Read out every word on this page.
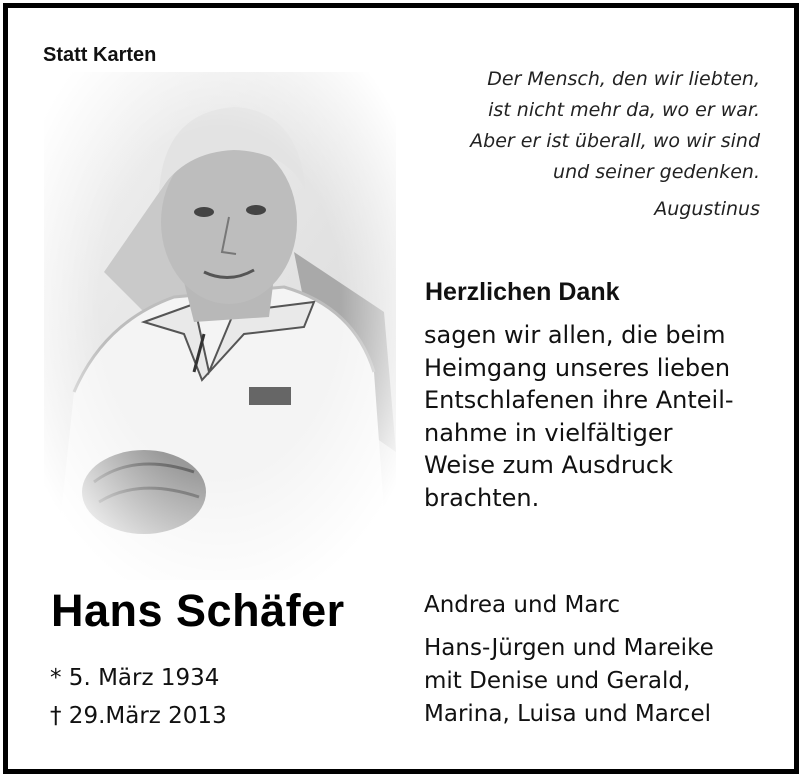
Statt Karten
Der Mensch, den wir liebten,
ist nicht mehr da, wo er war.
Aber er ist überall, wo wir sind
und seiner gedenken.
Augustinus
Herzlichen Dank
sagen wir allen, die beim
Heimgang unseres lieben
Entschlafenen ihre Anteil-
nahme in vielfältiger
Weise zum Ausdruck
brachten.
Hans Schäfer
* 5. März 1934
† 29.März 2013
Andrea und Marc
Hans-Jürgen und Mareike
mit Denise und Gerald,
Marina, Luisa und Marcel
